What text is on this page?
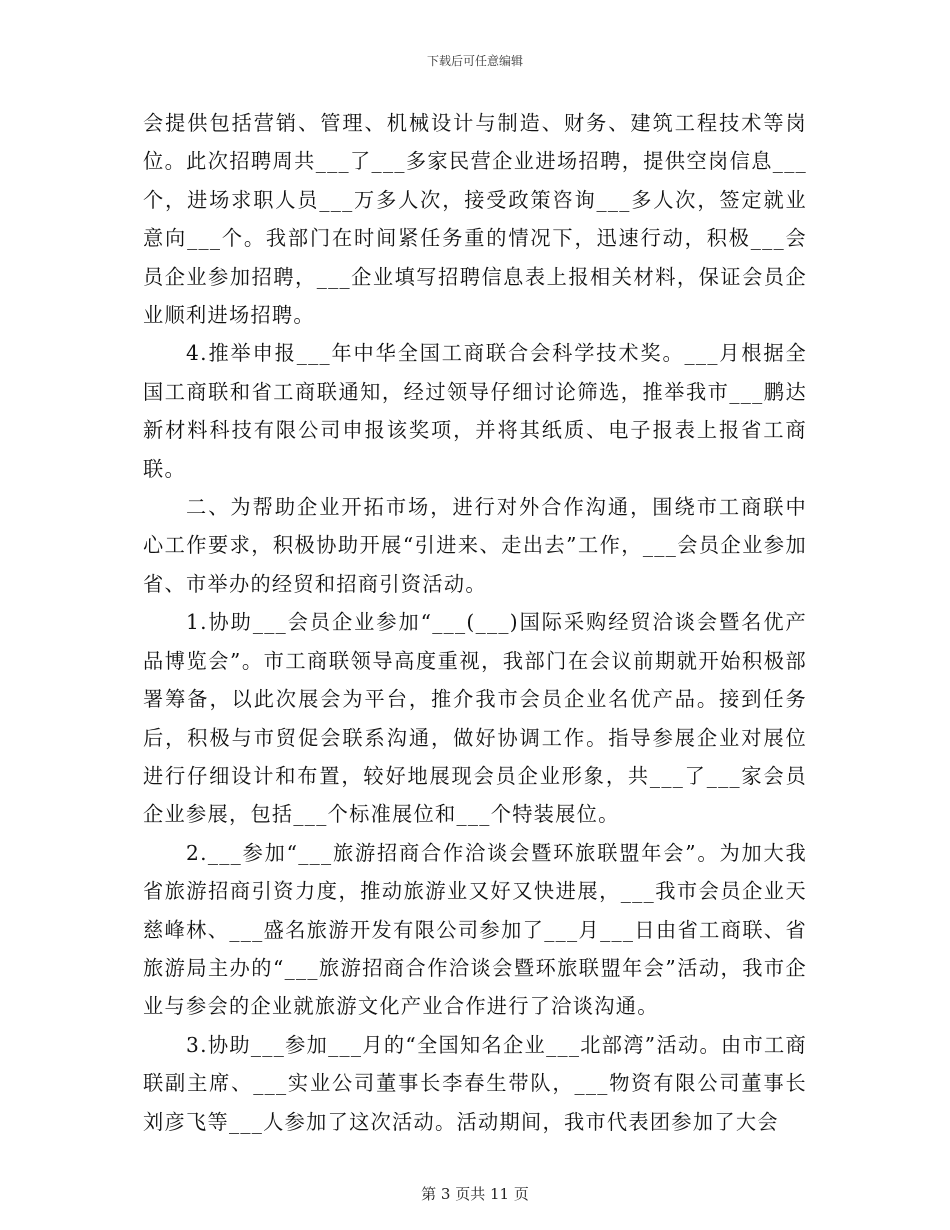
下载后可任意编辑

会提供包括营销、管理、机械设计与制造、财务、建筑工程技术等岗位。此次招聘周共___了___多家民营企业进场招聘，提供空岗信息___个，进场求职人员___万多人次，接受政策咨询___多人次，签定就业意向___个。我部门在时间紧任务重的情况下，迅速行动，积极___会员企业参加招聘，___企业填写招聘信息表上报相关材料，保证会员企业顺利进场招聘。

4.推举申报___年中华全国工商联合会科学技术奖。___月根据全国工商联和省工商联通知，经过领导仔细讨论筛选，推举我市___鹏达新材料科技有限公司申报该奖项，并将其纸质、电子报表上报省工商联。

二、为帮助企业开拓市场，进行对外合作沟通，围绕市工商联中心工作要求，积极协助开展“引进来、走出去”工作，___会员企业参加省、市举办的经贸和招商引资活动。

1.协助___会员企业参加“___(___)国际采购经贸洽谈会暨名优产品博览会”。市工商联领导高度重视，我部门在会议前期就开始积极部署筹备，以此次展会为平台，推介我市会员企业名优产品。接到任务后，积极与市贸促会联系沟通，做好协调工作。指导参展企业对展位进行仔细设计和布置，较好地展现会员企业形象，共___了___家会员企业参展，包括___个标准展位和___个特装展位。

2.___参加“___旅游招商合作洽谈会暨环旅联盟年会”。为加大我省旅游招商引资力度，推动旅游业又好又快进展，___我市会员企业天慈峰林、___盛名旅游开发有限公司参加了___月___日由省工商联、省旅游局主办的“___旅游招商合作洽谈会暨环旅联盟年会”活动，我市企业与参会的企业就旅游文化产业合作进行了洽谈沟通。

3.协助___参加___月的“全国知名企业___北部湾”活动。由市工商联副主席、___实业公司董事长李春生带队，___物资有限公司董事长刘彦飞等___人参加了这次活动。活动期间，我市代表团参加了大会

第 3 页共 11 页
